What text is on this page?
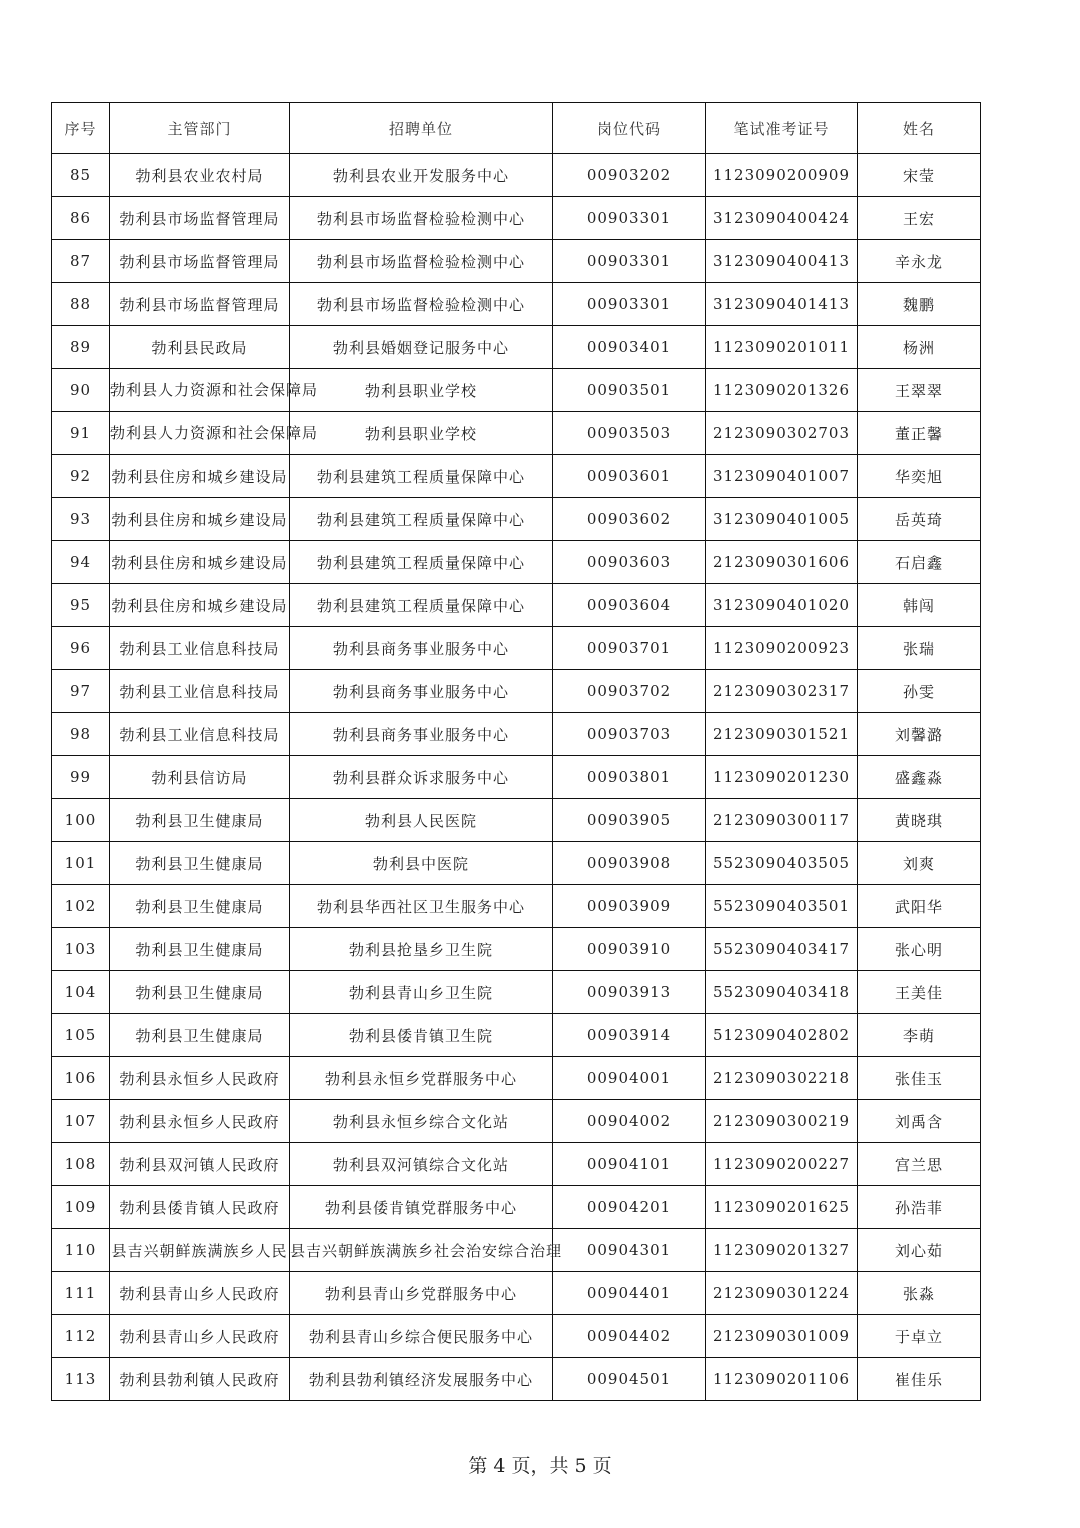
序号	主管部门	招聘单位	岗位代码	笔试准考证号	姓名
85	勃利县农业农村局	勃利县农业开发服务中心	00903202	1123090200909	宋莹
86	勃利县市场监督管理局	勃利县市场监督检验检测中心	00903301	3123090400424	王宏
87	勃利县市场监督管理局	勃利县市场监督检验检测中心	00903301	3123090400413	辛永龙
88	勃利县市场监督管理局	勃利县市场监督检验检测中心	00903301	3123090401413	魏鹏
89	勃利县民政局	勃利县婚姻登记服务中心	00903401	1123090201011	杨洲
90	勃利县人力资源和社会保障局	勃利县职业学校	00903501	1123090201326	王翠翠
91	勃利县人力资源和社会保障局	勃利县职业学校	00903503	2123090302703	董正馨
92	勃利县住房和城乡建设局	勃利县建筑工程质量保障中心	00903601	3123090401007	华奕旭
93	勃利县住房和城乡建设局	勃利县建筑工程质量保障中心	00903602	3123090401005	岳英琦
94	勃利县住房和城乡建设局	勃利县建筑工程质量保障中心	00903603	2123090301606	石启鑫
95	勃利县住房和城乡建设局	勃利县建筑工程质量保障中心	00903604	3123090401020	韩闯
96	勃利县工业信息科技局	勃利县商务事业服务中心	00903701	1123090200923	张瑞
97	勃利县工业信息科技局	勃利县商务事业服务中心	00903702	2123090302317	孙雯
98	勃利县工业信息科技局	勃利县商务事业服务中心	00903703	2123090301521	刘馨潞
99	勃利县信访局	勃利县群众诉求服务中心	00903801	1123090201230	盛鑫淼
100	勃利县卫生健康局	勃利县人民医院	00903905	2123090300117	黄晓琪
101	勃利县卫生健康局	勃利县中医院	00903908	5523090403505	刘爽
102	勃利县卫生健康局	勃利县华西社区卫生服务中心	00903909	5523090403501	武阳华
103	勃利县卫生健康局	勃利县抢垦乡卫生院	00903910	5523090403417	张心明
104	勃利县卫生健康局	勃利县青山乡卫生院	00903913	5523090403418	王美佳
105	勃利县卫生健康局	勃利县倭肯镇卫生院	00903914	5123090402802	李萌
106	勃利县永恒乡人民政府	勃利县永恒乡党群服务中心	00904001	2123090302218	张佳玉
107	勃利县永恒乡人民政府	勃利县永恒乡综合文化站	00904002	2123090300219	刘禹含
108	勃利县双河镇人民政府	勃利县双河镇综合文化站	00904101	1123090200227	宫兰思
109	勃利县倭肯镇人民政府	勃利县倭肯镇党群服务中心	00904201	1123090201625	孙浩菲
110	县吉兴朝鲜族满族乡人民	县吉兴朝鲜族满族乡社会治安综合治理	00904301	1123090201327	刘心茹
111	勃利县青山乡人民政府	勃利县青山乡党群服务中心	00904401	2123090301224	张淼
112	勃利县青山乡人民政府	勃利县青山乡综合便民服务中心	00904402	2123090301009	于卓立
113	勃利县勃利镇人民政府	勃利县勃利镇经济发展服务中心	00904501	1123090201106	崔佳乐
第 4 页，共 5 页
